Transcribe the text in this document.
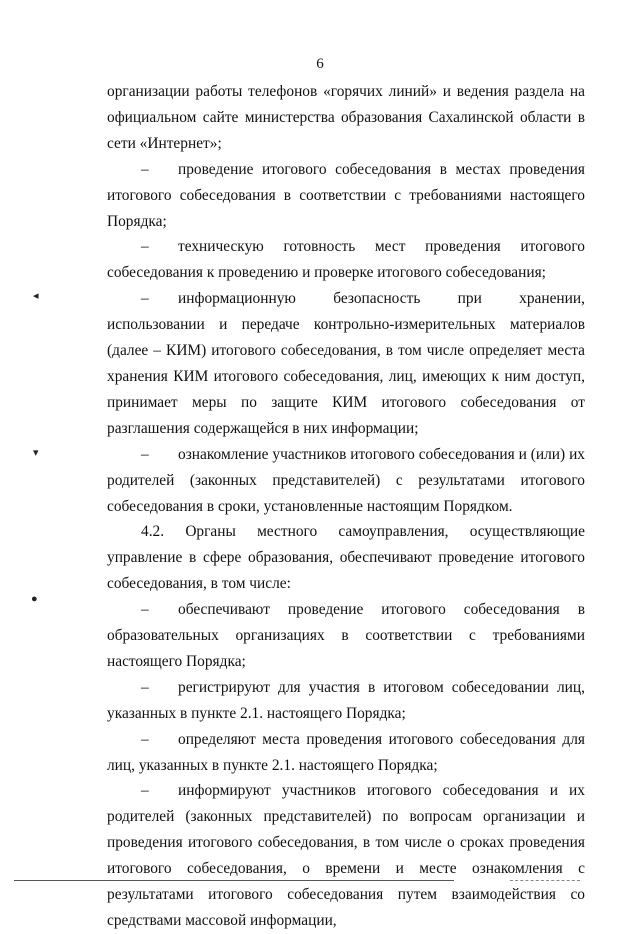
6

организации работы телефонов «горячих линий» и ведения раздела на официальном сайте министерства образования Сахалинской области в сети «Интернет»;

– проведение итогового собеседования в местах проведения итогового собеседования в соответствии с требованиями настоящего Порядка;

– техническую готовность мест проведения итогового собеседования к проведению и проверке итогового собеседования;

– информационную безопасность при хранении, использовании и передаче контрольно-измерительных материалов (далее – КИМ) итогового собеседования, в том числе определяет места хранения КИМ итогового собеседования, лиц, имеющих к ним доступ, принимает меры по защите КИМ итогового собеседования от разглашения содержащейся в них информации;

– ознакомление участников итогового собеседования и (или) их родителей (законных представителей) с результатами итогового собеседования в сроки, установленные настоящим Порядком.

4.2. Органы местного самоуправления, осуществляющие управление в сфере образования, обеспечивают проведение итогового собеседования, в том числе:

– обеспечивают проведение итогового собеседования в образовательных организациях в соответствии с требованиями настоящего Порядка;

– регистрируют для участия в итоговом собеседовании лиц, указанных в пункте 2.1. настоящего Порядка;

– определяют места проведения итогового собеседования для лиц, указанных в пункте 2.1. настоящего Порядка;

– информируют участников итогового собеседования и их родителей (законных представителей) по вопросам организации и проведения итогового собеседования, в том числе о сроках проведения итогового собеседования, о времени и месте ознакомления с результатами итогового собеседования путем взаимодействия со средствами массовой информации,

◂
▾
●
